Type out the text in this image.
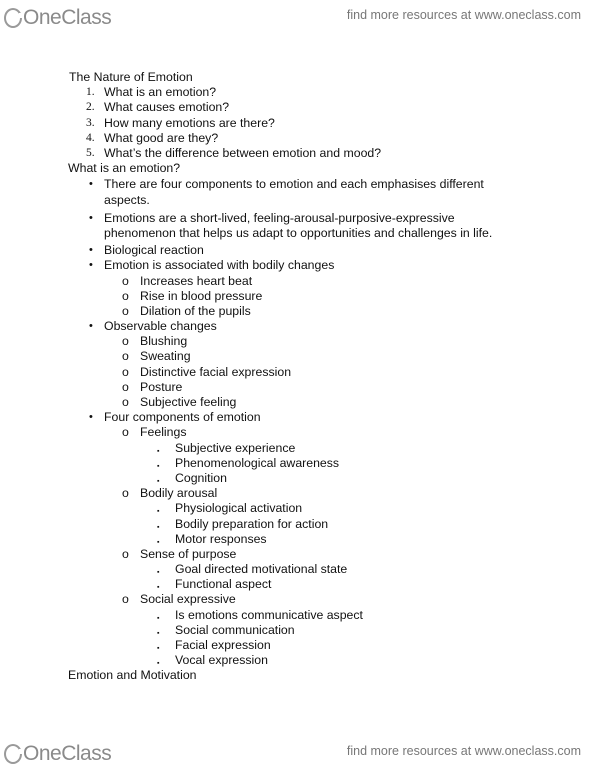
OneClass	find more resources at www.oneclass.com
The Nature of Emotion
1. What is an emotion?
2. What causes emotion?
3. How many emotions are there?
4. What good are they?
5. What’s the difference between emotion and mood?
What is an emotion?
• There are four components to emotion and each emphasises different aspects.
• Emotions are a short-lived, feeling-arousal-purposive-expressive phenomenon that helps us adapt to opportunities and challenges in life.
• Biological reaction
• Emotion is associated with bodily changes
o Increases heart beat
o Rise in blood pressure
o Dilation of the pupils
• Observable changes
o Blushing
o Sweating
o Distinctive facial expression
o Posture
o Subjective feeling
• Four components of emotion
o Feelings
▪ Subjective experience
▪ Phenomenological awareness
▪ Cognition
o Bodily arousal
▪ Physiological activation
▪ Bodily preparation for action
▪ Motor responses
o Sense of purpose
▪ Goal directed motivational state
▪ Functional aspect
o Social expressive
▪ Is emotions communicative aspect
▪ Social communication
▪ Facial expression
▪ Vocal expression
Emotion and Motivation
OneClass	find more resources at www.oneclass.com
